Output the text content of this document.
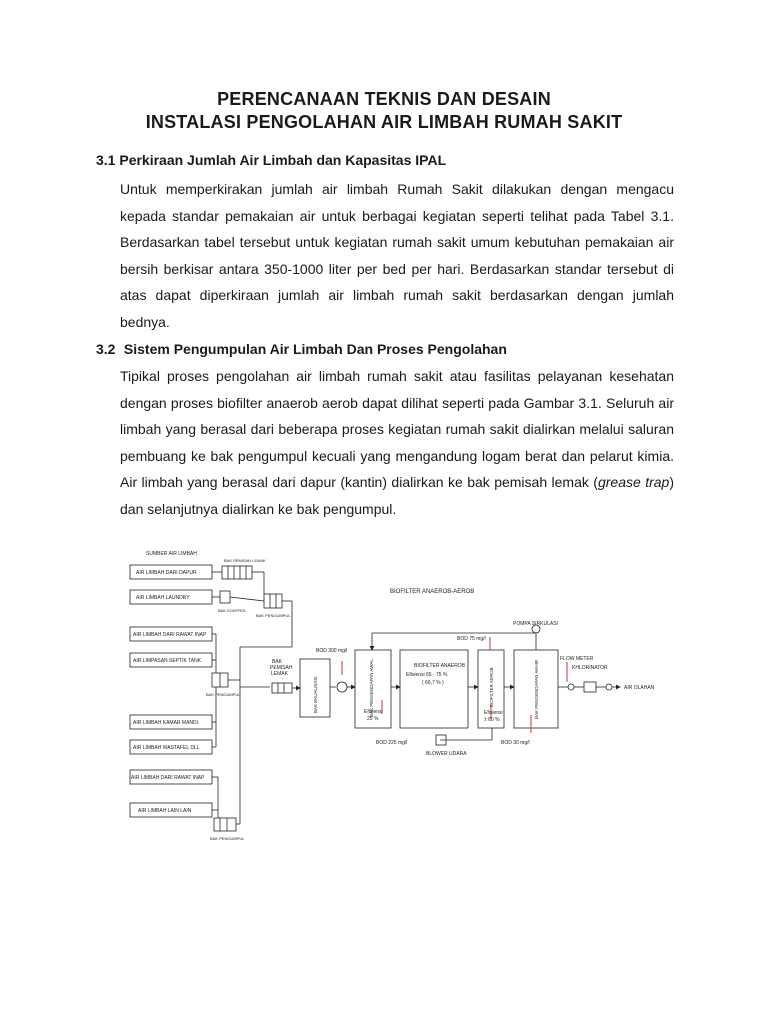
PERENCANAAN TEKNIS DAN DESAIN
INSTALASI PENGOLAHAN AIR LIMBAH RUMAH SAKIT
3.1 Perkiraan Jumlah Air Limbah dan Kapasitas IPAL
Untuk memperkirakan jumlah air limbah Rumah Sakit dilakukan dengan mengacu kepada standar pemakaian air untuk berbagai kegiatan seperti telihat pada Tabel 3.1. Berdasarkan tabel tersebut untuk kegiatan rumah sakit umum kebutuhan pemakaian air bersih berkisar antara 350-1000 liter per bed per hari. Berdasarkan standar tersebut di atas dapat diperkiraan jumlah air limbah rumah sakit berdasarkan dengan jumlah bednya.
3.2 Sistem Pengumpulan Air Limbah Dan Proses Pengolahan
Tipikal proses pengolahan air limbah rumah sakit atau fasilitas pelayanan kesehatan dengan proses biofilter anaerob aerob dapat dilihat seperti pada Gambar 3.1. Seluruh air limbah yang berasal dari beberapa proses kegiatan rumah sakit dialirkan melalui saluran pembuang ke bak pengumpul kecuali yang mengandung logam berat dan pelarut kimia. Air limbah yang berasal dari dapur (kantin) dialirkan ke bak pemisah lemak (grease trap) dan selanjutnya dialirkan ke bak pengumpul.
SUMBER AIR LIMBAH
AIR LIMBAH DARI DAPUR
AIR LIMBAH LAUNDRY
AIR LIMBAH DARI RAWAT INAP
AIR LIMPASAN SEPTIK TANK
AIR LIMBAH KAMAR MANDI
AIR LIMBAH WASTAFEL DLL
AIR LIMBAH DARI RAWAT INAP
AIR LIMBAH LAIN LAIN
BAK PEMISAH LEMAK
BAK KONTROL
BAK PENGUMPUL
BAK PENGUMPUL
BAK PENGUMPUL
BAK
PEMISAH
LEMAK
BIOFILTER ANAEROB-AEROB
BAK EKUALISASI	BAK PENGENDAPAN AWAL
Efisiensi
25 %
BIOFILTER ANAEROB
Efisiensi 65 - 75 %
( 66,7 % )	BIOFILTER AEROB
Efisiensi
± 60 %
BAK PENGENDAPAN AKHIR
BOD 300 mg/l
BOD 225 mg/l
BOD 75 mg/l
BOD 30 mg/l
POMPA SIRKULASI
BLOWER UDARA
FLOW METER
KHLORINATOR
AIR OLAHAN
